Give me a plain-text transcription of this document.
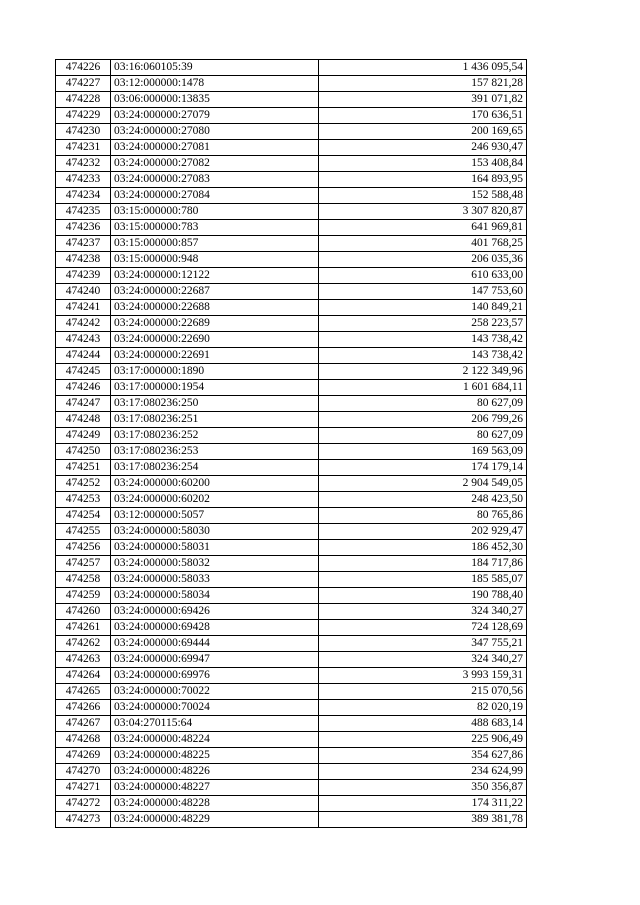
474226	03:16:060105:39	1 436 095,54
474227	03:12:000000:1478	157 821,28
474228	03:06:000000:13835	391 071,82
474229	03:24:000000:27079	170 636,51
474230	03:24:000000:27080	200 169,65
474231	03:24:000000:27081	246 930,47
474232	03:24:000000:27082	153 408,84
474233	03:24:000000:27083	164 893,95
474234	03:24:000000:27084	152 588,48
474235	03:15:000000:780	3 307 820,87
474236	03:15:000000:783	641 969,81
474237	03:15:000000:857	401 768,25
474238	03:15:000000:948	206 035,36
474239	03:24:000000:12122	610 633,00
474240	03:24:000000:22687	147 753,60
474241	03:24:000000:22688	140 849,21
474242	03:24:000000:22689	258 223,57
474243	03:24:000000:22690	143 738,42
474244	03:24:000000:22691	143 738,42
474245	03:17:000000:1890	2 122 349,96
474246	03:17:000000:1954	1 601 684,11
474247	03:17:080236:250	80 627,09
474248	03:17:080236:251	206 799,26
474249	03:17:080236:252	80 627,09
474250	03:17:080236:253	169 563,09
474251	03:17:080236:254	174 179,14
474252	03:24:000000:60200	2 904 549,05
474253	03:24:000000:60202	248 423,50
474254	03:12:000000:5057	80 765,86
474255	03:24:000000:58030	202 929,47
474256	03:24:000000:58031	186 452,30
474257	03:24:000000:58032	184 717,86
474258	03:24:000000:58033	185 585,07
474259	03:24:000000:58034	190 788,40
474260	03:24:000000:69426	324 340,27
474261	03:24:000000:69428	724 128,69
474262	03:24:000000:69444	347 755,21
474263	03:24:000000:69947	324 340,27
474264	03:24:000000:69976	3 993 159,31
474265	03:24:000000:70022	215 070,56
474266	03:24:000000:70024	82 020,19
474267	03:04:270115:64	488 683,14
474268	03:24:000000:48224	225 906,49
474269	03:24:000000:48225	354 627,86
474270	03:24:000000:48226	234 624,99
474271	03:24:000000:48227	350 356,87
474272	03:24:000000:48228	174 311,22
474273	03:24:000000:48229	389 381,78
